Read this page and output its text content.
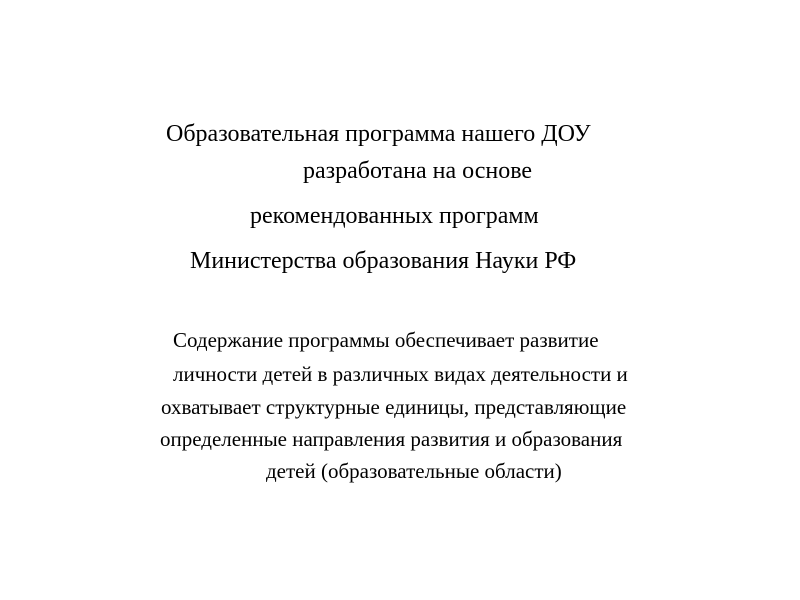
Образовательная программа нашего ДОУ
разработана на основе
рекомендованных программ
Министерства образования Науки РФ
Содержание программы обеспечивает развитие
личности детей в различных видах деятельности и
охватывает структурные единицы, представляющие
определенные направления развития и образования
детей (образовательные области)
